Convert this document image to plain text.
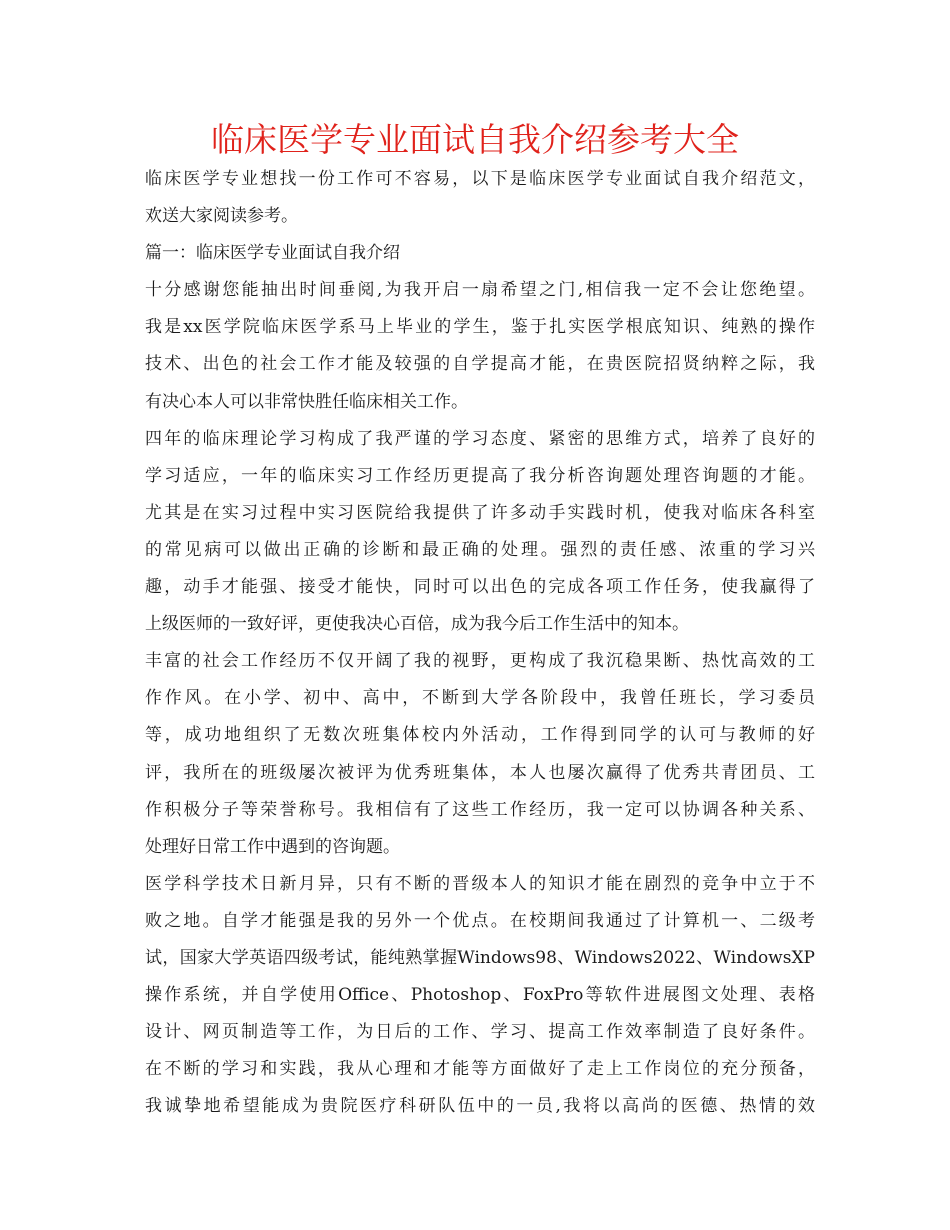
临床医学专业面试自我介绍参考大全
临床医学专业想找一份工作可不容易，以下是临床医学专业面试自我介绍范文，
欢送大家阅读参考。
篇一：临床医学专业面试自我介绍
十分感谢您能抽出时间垂阅,为我开启一扇希望之门,相信我一定不会让您绝望。
我是xx医学院临床医学系马上毕业的学生，鉴于扎实医学根底知识、纯熟的操作
技术、出色的社会工作才能及较强的自学提高才能，在贵医院招贤纳粹之际，我
有决心本人可以非常快胜任临床相关工作。
四年的临床理论学习构成了我严谨的学习态度、紧密的思维方式，培养了良好的
学习适应，一年的临床实习工作经历更提高了我分析咨询题处理咨询题的才能。
尤其是在实习过程中实习医院给我提供了许多动手实践时机，使我对临床各科室
的常见病可以做出正确的诊断和最正确的处理。强烈的责任感、浓重的学习兴
趣，动手才能强、接受才能快，同时可以出色的完成各项工作任务，使我赢得了
上级医师的一致好评，更使我决心百倍，成为我今后工作生活中的知本。
丰富的社会工作经历不仅开阔了我的视野，更构成了我沉稳果断、热忱高效的工
作作风。在小学、初中、高中，不断到大学各阶段中，我曾任班长，学习委员
等，成功地组织了无数次班集体校内外活动，工作得到同学的认可与教师的好
评，我所在的班级屡次被评为优秀班集体，本人也屡次赢得了优秀共青团员、工
作积极分子等荣誉称号。我相信有了这些工作经历，我一定可以协调各种关系、
处理好日常工作中遇到的咨询题。
医学科学技术日新月异，只有不断的晋级本人的知识才能在剧烈的竞争中立于不
败之地。自学才能强是我的另外一个优点。在校期间我通过了计算机一、二级考
试，国家大学英语四级考试，能纯熟掌握Windows98、Windows2022、WindowsXP
操作系统，并自学使用Office、Photoshop、FoxPro等软件进展图文处理、表格
设计、网页制造等工作，为日后的工作、学习、提高工作效率制造了良好条件。
在不断的学习和实践，我从心理和才能等方面做好了走上工作岗位的充分预备，
我诚挚地希望能成为贵院医疗科研队伍中的一员,我将以高尚的医德、热情的效
